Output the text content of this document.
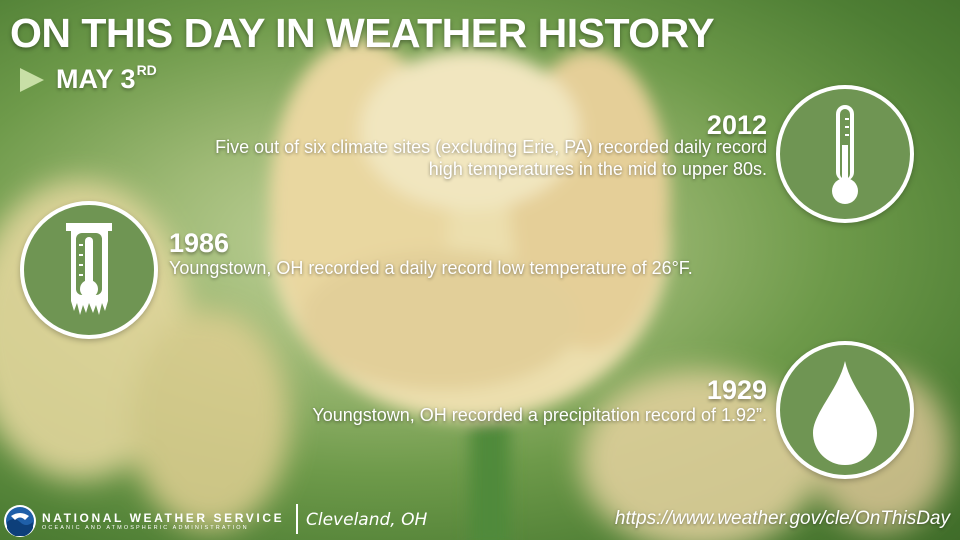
ON THIS DAY IN WEATHER HISTORY
MAY 3 RD
2012
Five out of six climate sites (excluding Erie, PA) recorded daily record
high temperatures in the mid to upper 80s.
1986
Youngstown, OH recorded a daily record low temperature of 26°F.
1929
Youngstown, OH recorded a precipitation record of 1.92”.
NATIONAL WEATHER SERVICE
OCEANIC AND ATMOSPHERIC ADMINISTRATION	Cleveland, OH	https://www.weather.gov/cle/OnThisDay
